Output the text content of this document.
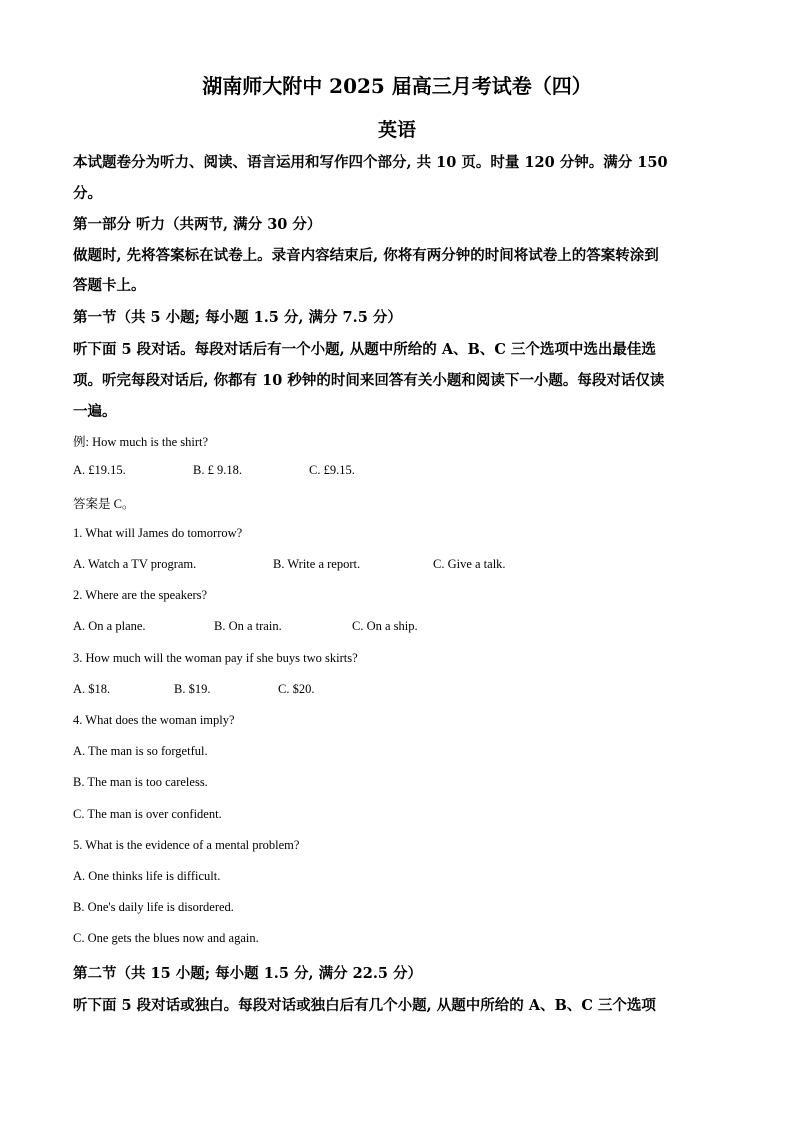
湖南师大附中 2025 届高三月考试卷（四）
英语
本试题卷分为听力、阅读、语言运用和写作四个部分, 共 10 页。时量 120 分钟。满分 150
分。
第一部分 听力（共两节, 满分 30 分）
做题时, 先将答案标在试卷上。录音内容结束后, 你将有两分钟的时间将试卷上的答案转涂到
答题卡上。
第一节（共 5 小题; 每小题 1.5 分, 满分 7.5 分）
听下面 5 段对话。每段对话后有一个小题, 从题中所给的 A、B、C 三个选项中选出最佳选
项。听完每段对话后, 你都有 10 秒钟的时间来回答有关小题和阅读下一小题。每段对话仅读
一遍。
例: How much is the shirt?
A. £19.15.	B. £ 9.18.	C. £9.15.
答案是 C。
1. What will James do tomorrow?
A. Watch a TV program.	B. Write a report.	C. Give a talk.
2. Where are the speakers?
A. On a plane.	B. On a train.	C. On a ship.
3. How much will the woman pay if she buys two skirts?
A. $18.	B. $19.	C. $20.
4. What does the woman imply?
A. The man is so forgetful.
B. The man is too careless.
C. The man is over confident.
5. What is the evidence of a mental problem?
A. One thinks life is difficult.
B. One's daily life is disordered.
C. One gets the blues now and again.
第二节（共 15 小题; 每小题 1.5 分, 满分 22.5 分）
听下面 5 段对话或独白。每段对话或独白后有几个小题, 从题中所给的 A、B、C 三个选项
